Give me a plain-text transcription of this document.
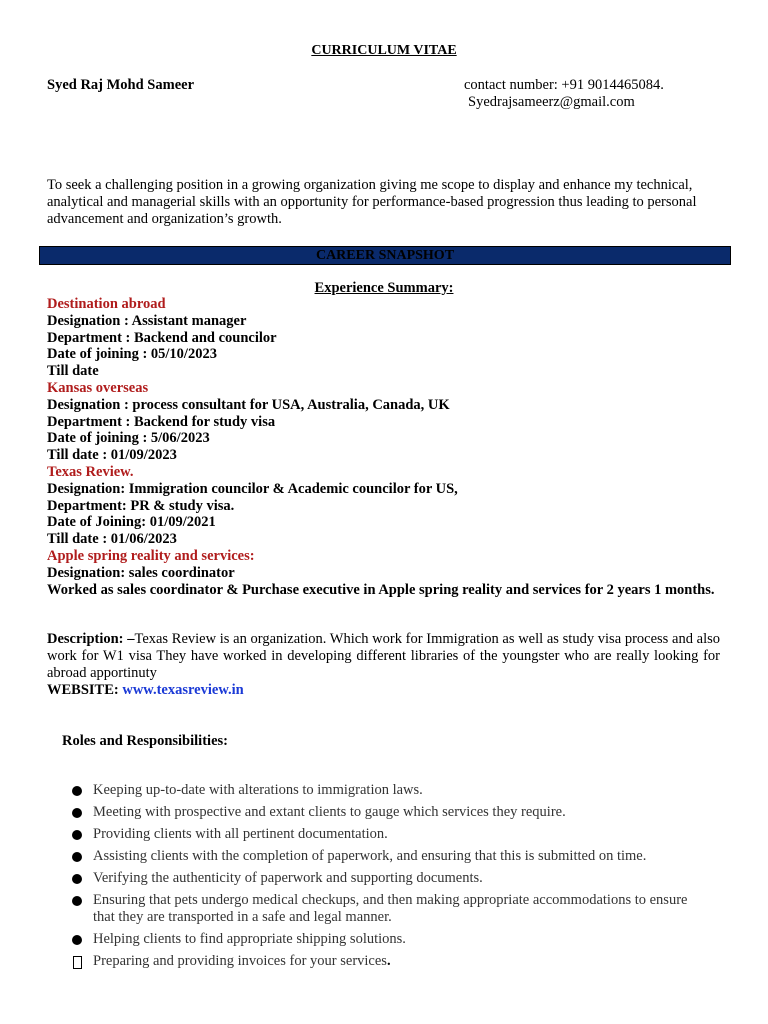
CURRICULUM VITAE
Syed Raj Mohd Sameer	contact number: +91 9014465084.
Syedrajsameerz@gmail.com
To seek a challenging position in a growing organization giving me scope to display and enhance my technical, analytical and managerial skills with an opportunity for performance-based progression thus leading to personal advancement and organization’s growth.
CAREER SNAPSHOT
Experience Summary:
Destination abroad
Designation : Assistant manager
Department : Backend and councilor
Date of joining : 05/10/2023
Till date
Kansas overseas
Designation : process consultant for USA, Australia, Canada, UK
Department : Backend for study visa
Date of joining : 5/06/2023
Till date : 01/09/2023
Texas Review.
Designation: Immigration councilor & Academic councilor for US,
Department: PR & study visa.
Date of Joining: 01/09/2021
Till date : 01/06/2023
Apple spring reality and services:
Designation: sales coordinator
Worked as sales coordinator & Purchase executive in Apple spring reality and services for 2 years 1 months.
Description: –Texas Review is an organization. Which work for Immigration as well as study visa process and also work for W1 visa They have worked in developing different libraries of the youngster who are really looking for abroad apportinuty
WEBSITE: www.texasreview.in
Roles and Responsibilities:
Keeping up-to-date with alterations to immigration laws.
Meeting with prospective and extant clients to gauge which services they require.
Providing clients with all pertinent documentation.
Assisting clients with the completion of paperwork, and ensuring that this is submitted on time.
Verifying the authenticity of paperwork and supporting documents.
Ensuring that pets undergo medical checkups, and then making appropriate accommodations to ensure that they are transported in a safe and legal manner.
Helping clients to find appropriate shipping solutions.
Preparing and providing invoices for your services.
